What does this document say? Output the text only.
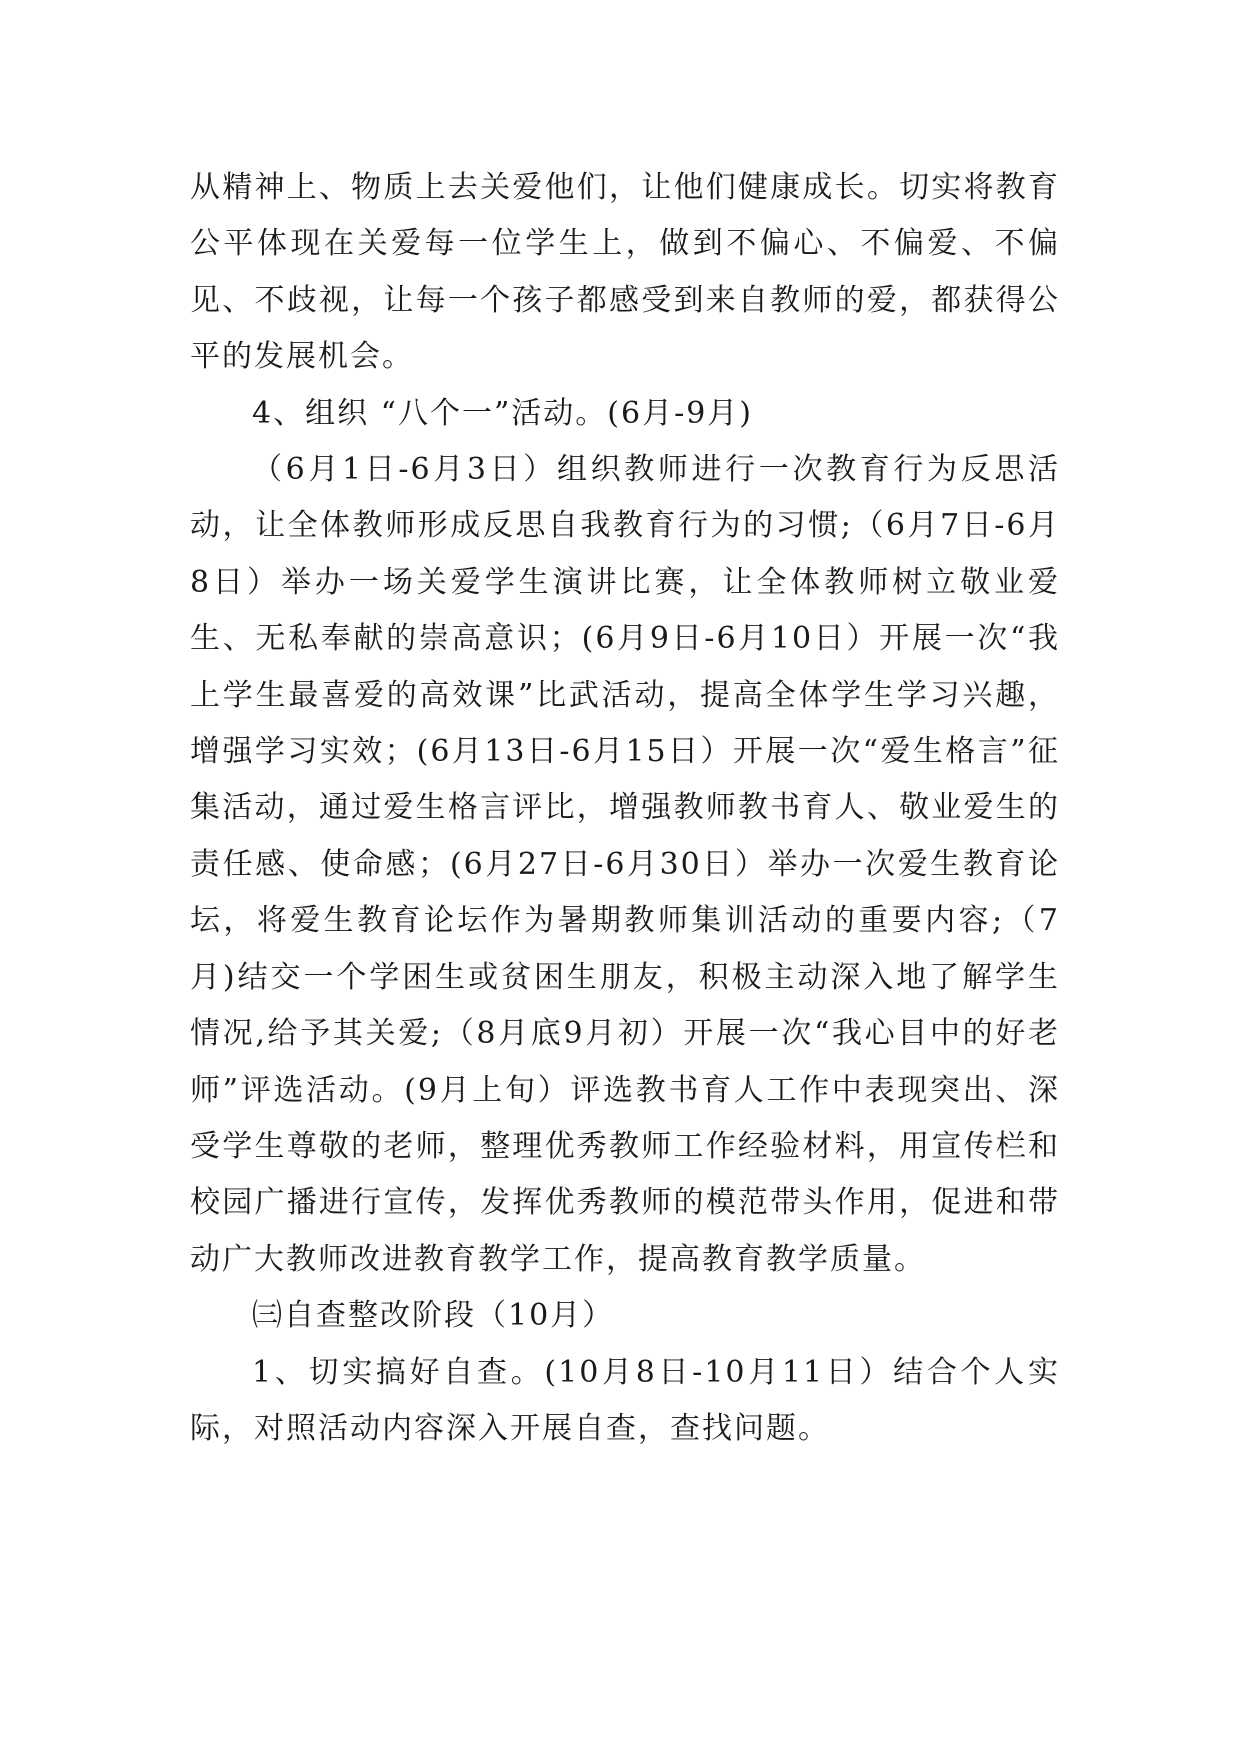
从精神上、物质上去关爱他们，让他们健康成长。切实将教育公平体现在关爱每一位学生上，做到不偏心、不偏爱、不偏见、不歧视，让每一个孩子都感受到来自教师的爱，都获得公平的发展机会。

4、组织 “八个一”活动。(6月-9月)

（6月1日-6月3日）组织教师进行一次教育行为反思活动，让全体教师形成反思自我教育行为的习惯;（6月7日-6月8日）举办一场关爱学生演讲比赛，让全体教师树立敬业爱生、无私奉献的崇高意识；(6月9日-6月10日）开展一次“我上学生最喜爱的高效课”比武活动，提高全体学生学习兴趣，增强学习实效；(6月13日-6月15日）开展一次“爱生格言”征集活动，通过爱生格言评比，增强教师教书育人、敬业爱生的责任感、使命感；(6月27日-6月30日）举办一次爱生教育论坛，将爱生教育论坛作为暑期教师集训活动的重要内容;（7月)结交一个学困生或贫困生朋友，积极主动深入地了解学生情况,给予其关爱;（8月底9月初）开展一次“我心目中的好老师”评选活动。(9月上旬）评选教书育人工作中表现突出、深受学生尊敬的老师，整理优秀教师工作经验材料，用宣传栏和校园广播进行宣传，发挥优秀教师的模范带头作用，促进和带动广大教师改进教育教学工作，提高教育教学质量。

㈢自查整改阶段（10月）

1、切实搞好自查。(10月8日-10月11日）结合个人实际，对照活动内容深入开展自查，查找问题。
